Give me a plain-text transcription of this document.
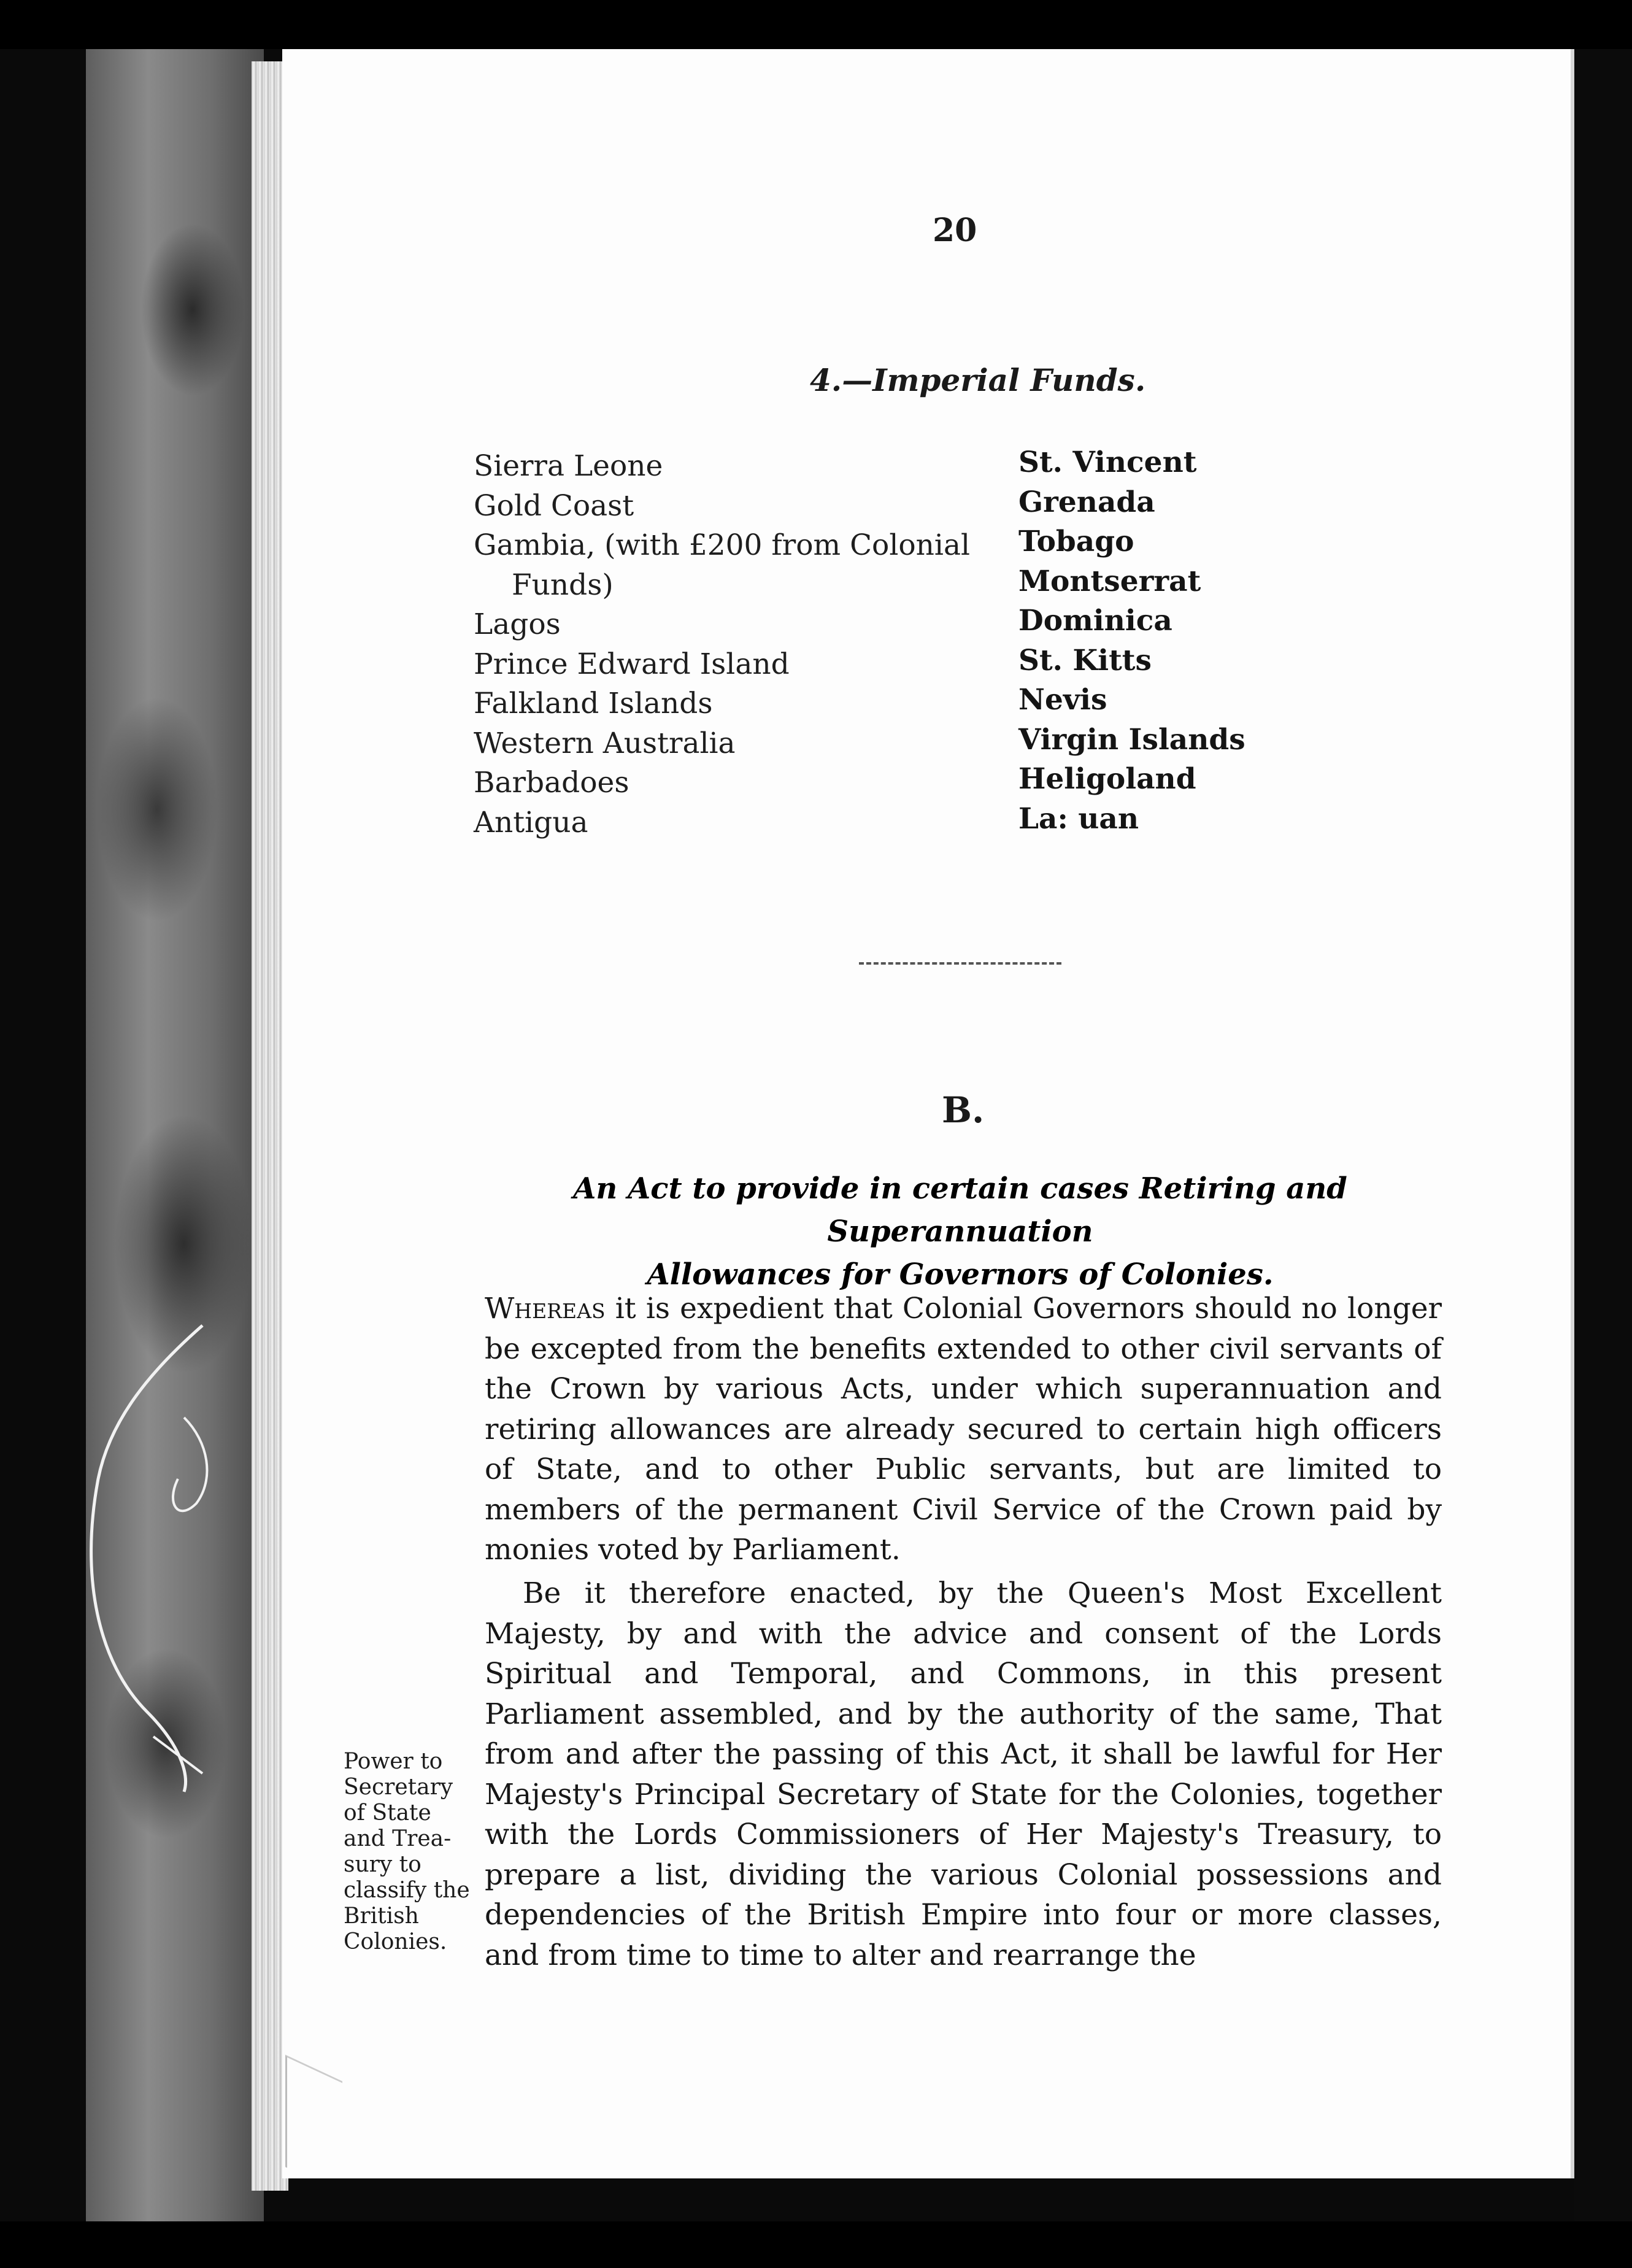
20
4.—Imperial Funds.
Sierra Leone
Gold Coast
Gambia, (with £200 from Colonial
Funds)
Lagos
Prince Edward Island
Falkland Islands
Western Australia
Barbadoes
Antigua
St. Vincent
Grenada
Tobago
Montserrat
Dominica
St. Kitts
Nevis
Virgin Islands
Heligoland
La: uan
B.
An Act to provide in certain cases Retiring and Superannuation
Allowances for Governors of Colonies.
Whereas it is expedient that Colonial Governors should no longer be excepted from the benefits extended to other civil servants of the Crown by various Acts, under which superannuation and retiring allowances are already secured to certain high officers of State, and to other Public servants, but are limited to members of the permanent Civil Service of the Crown paid by monies voted by Parliament.
Be it therefore enacted, by the Queen's Most Excellent Majesty, by and with the advice and consent of the Lords Spiritual and Temporal, and Commons, in this present Parliament assembled, and by the authority of the same, That from and after the passing of this Act, it shall be lawful for Her Majesty's Principal Secretary of State for the Colonies, together with the Lords Commissioners of Her Majesty's Treasury, to prepare a list, dividing the various Colonial possessions and dependencies of the British Empire into four or more classes, and from time to time to alter and rearrange the
Power to
Secretary
of State
and Trea-
sury to
classify the
British
Colonies.
